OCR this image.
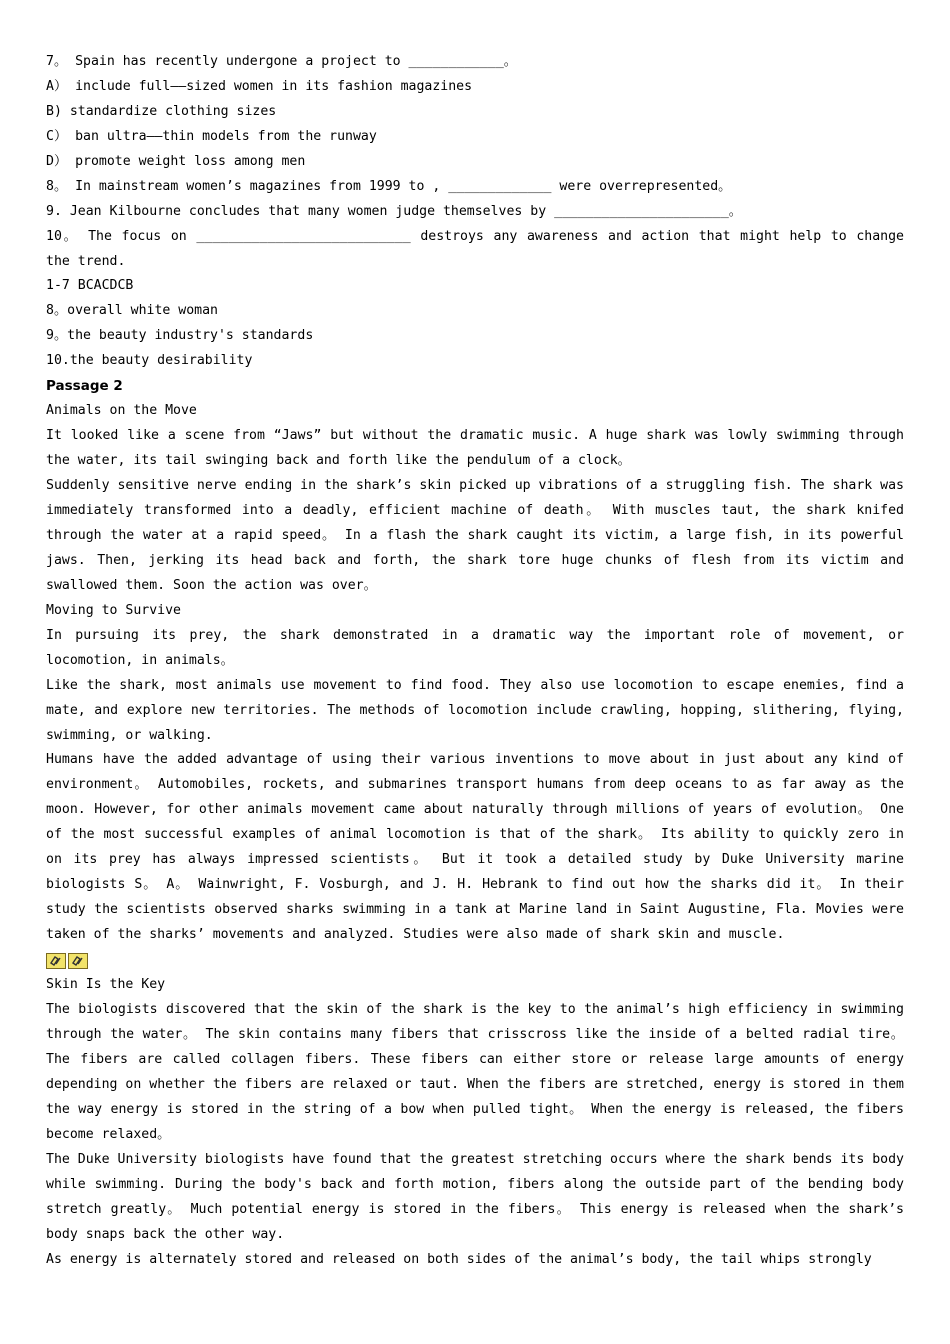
7。 Spain has recently undergone a project to ____________。
A） include full——sized women in its fashion magazines
B) standardize clothing sizes
C） ban ultra——thin models from the runway
D） promote weight loss among men
8。 In mainstream women’s magazines from 1999 to , _____________ were overrepresented。
9. Jean Kilbourne concludes that many women judge themselves by ______________________。
10。 The focus on ___________________________ destroys any awareness and action that might help to change the trend.
1-7 BCACDCB
8。overall white woman
9。the beauty industry's standards
10.the beauty desirability
Passage 2
Animals on the Move
It looked like a scene from “Jaws” but without the dramatic music. A huge shark was lowly swimming through the water, its tail swinging back and forth like the pendulum of a clock。
Suddenly sensitive nerve ending in the shark’s skin picked up vibrations of a struggling fish. The shark was immediately transformed into a deadly, efficient machine of death。 With muscles taut, the shark knifed through the water at a rapid speed。 In a flash the shark caught its victim, a large fish, in its powerful jaws. Then, jerking its head back and forth, the shark tore huge chunks of flesh from its victim and swallowed them. Soon the action was over。
Moving to Survive
In pursuing its prey, the shark demonstrated in a dramatic way the important role of movement, or locomotion, in animals。
Like the shark, most animals use movement to find food. They also use locomotion to escape enemies, find a mate, and explore new territories. The methods of locomotion include crawling, hopping, slithering, flying, swimming, or walking.
Humans have the added advantage of using their various inventions to move about in just about any kind of environment。 Automobiles, rockets, and submarines transport humans from deep oceans to as far away as the moon. However, for other animals movement came about naturally through millions of years of evolution。 One of the most successful examples of animal locomotion is that of the shark。 Its ability to quickly zero in on its prey has always impressed scientists。 But it took a detailed study by Duke University marine biologists S。 A。 Wainwright, F. Vosburgh, and J. H. Hebrank to find out how the sharks did it。 In their study the scientists observed sharks swimming in a tank at Marine land in Saint Augustine, Fla. Movies were taken of the sharks’ movements and analyzed. Studies were also made of shark skin and muscle.
Skin Is the Key
The biologists discovered that the skin of the shark is the key to the animal’s high efficiency in swimming through the water。 The skin contains many fibers that crisscross like the inside of a belted radial tire。 The fibers are called collagen fibers. These fibers can either store or release large amounts of energy depending on whether the fibers are relaxed or taut. When the fibers are stretched, energy is stored in them the way energy is stored in the string of a bow when pulled tight。 When the energy is released, the fibers become relaxed。
The Duke University biologists have found that the greatest stretching occurs where the shark bends its body while swimming. During the body's back and forth motion, fibers along the outside part of the bending body stretch greatly。 Much potential energy is stored in the fibers。 This energy is released when the shark’s body snaps back the other way.
As energy is alternately stored and released on both sides of the animal’s body, the tail whips strongly
